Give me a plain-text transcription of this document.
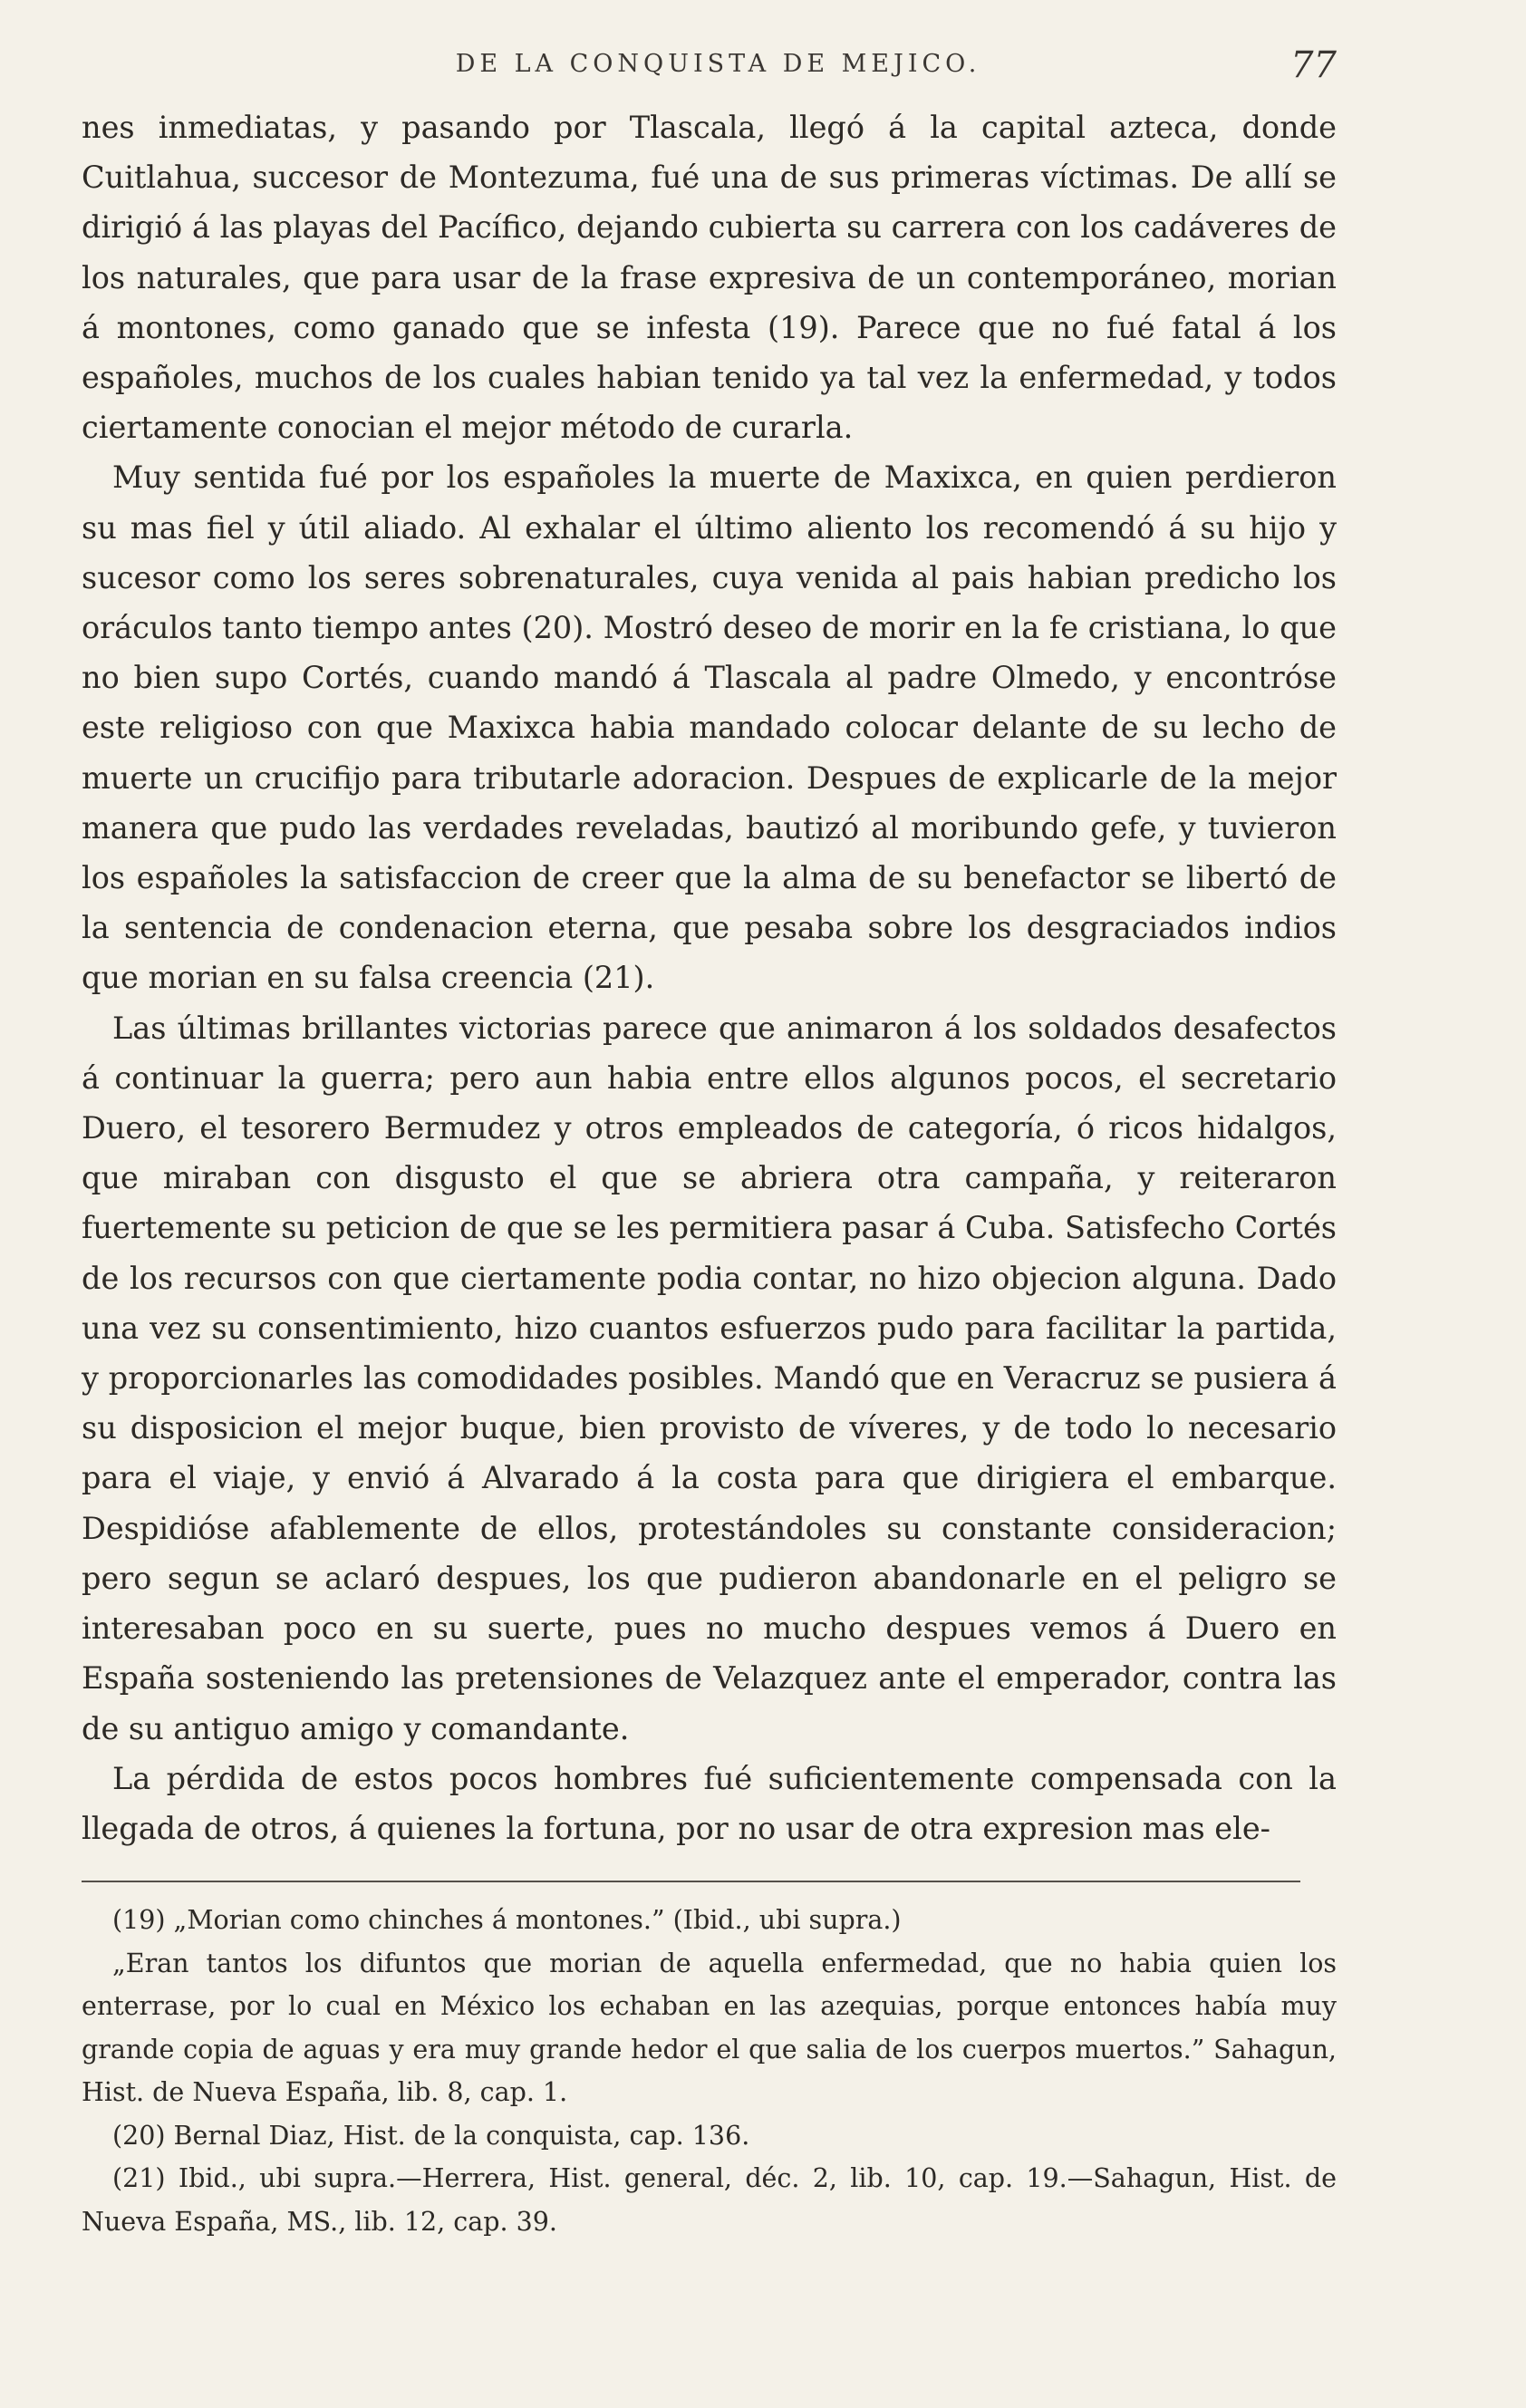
DE LA CONQUISTA DE MEJICO.	77

nes inmediatas, y pasando por Tlascala, llegó á la capital azteca, donde Cuitlahua, succesor de Montezuma, fué una de sus primeras víctimas. De allí se dirigió á las playas del Pacífico, dejando cubierta su carrera con los cadáveres de los naturales, que para usar de la frase expresiva de un contemporáneo, morian á montones, como ganado que se infesta (19). Parece que no fué fatal á los españoles, muchos de los cuales habian tenido ya tal vez la enfermedad, y todos ciertamente conocian el mejor método de curarla.

Muy sentida fué por los españoles la muerte de Maxixca, en quien perdieron su mas fiel y útil aliado. Al exhalar el último aliento los recomendó á su hijo y sucesor como los seres sobrenaturales, cuya venida al pais habian predicho los oráculos tanto tiempo antes (20). Mostró deseo de morir en la fe cristiana, lo que no bien supo Cortés, cuando mandó á Tlascala al padre Olmedo, y encontróse este religioso con que Maxixca habia mandado colocar delante de su lecho de muerte un crucifijo para tributarle adoracion. Despues de explicarle de la mejor manera que pudo las verdades reveladas, bautizó al moribundo gefe, y tuvieron los españoles la satisfaccion de creer que la alma de su benefactor se libertó de la sentencia de condenacion eterna, que pesaba sobre los desgraciados indios que morian en su falsa creencia (21).

Las últimas brillantes victorias parece que animaron á los soldados desafectos á continuar la guerra; pero aun habia entre ellos algunos pocos, el secretario Duero, el tesorero Bermudez y otros empleados de categoría, ó ricos hidalgos, que miraban con disgusto el que se abriera otra campaña, y reiteraron fuertemente su peticion de que se les permitiera pasar á Cuba. Satisfecho Cortés de los recursos con que ciertamente podia contar, no hizo objecion alguna. Dado una vez su consentimiento, hizo cuantos esfuerzos pudo para facilitar la partida, y proporcionarles las comodidades posibles. Mandó que en Veracruz se pusiera á su disposicion el mejor buque, bien provisto de víveres, y de todo lo necesario para el viaje, y envió á Alvarado á la costa para que dirigiera el embarque. Despidióse afablemente de ellos, protestándoles su constante consideracion; pero segun se aclaró despues, los que pudieron abandonarle en el peligro se interesaban poco en su suerte, pues no mucho despues vemos á Duero en España sosteniendo las pretensiones de Velazquez ante el emperador, contra las de su antiguo amigo y comandante.

La pérdida de estos pocos hombres fué suficientemente compensada con la llegada de otros, á quienes la fortuna, por no usar de otra expresion mas ele-

(19) „Morian como chinches á montones.” (Ibid., ubi supra.)

„Eran tantos los difuntos que morian de aquella enfermedad, que no habia quien los enterrase, por lo cual en México los echaban en las azequias, porque entonces había muy grande copia de aguas y era muy grande hedor el que salia de los cuerpos muertos.” Sahagun, Hist. de Nueva España, lib. 8, cap. 1.

(20) Bernal Diaz, Hist. de la conquista, cap. 136.

(21) Ibid., ubi supra.—Herrera, Hist. general, déc. 2, lib. 10, cap. 19.—Sahagun, Hist. de Nueva España, MS., lib. 12, cap. 39.
